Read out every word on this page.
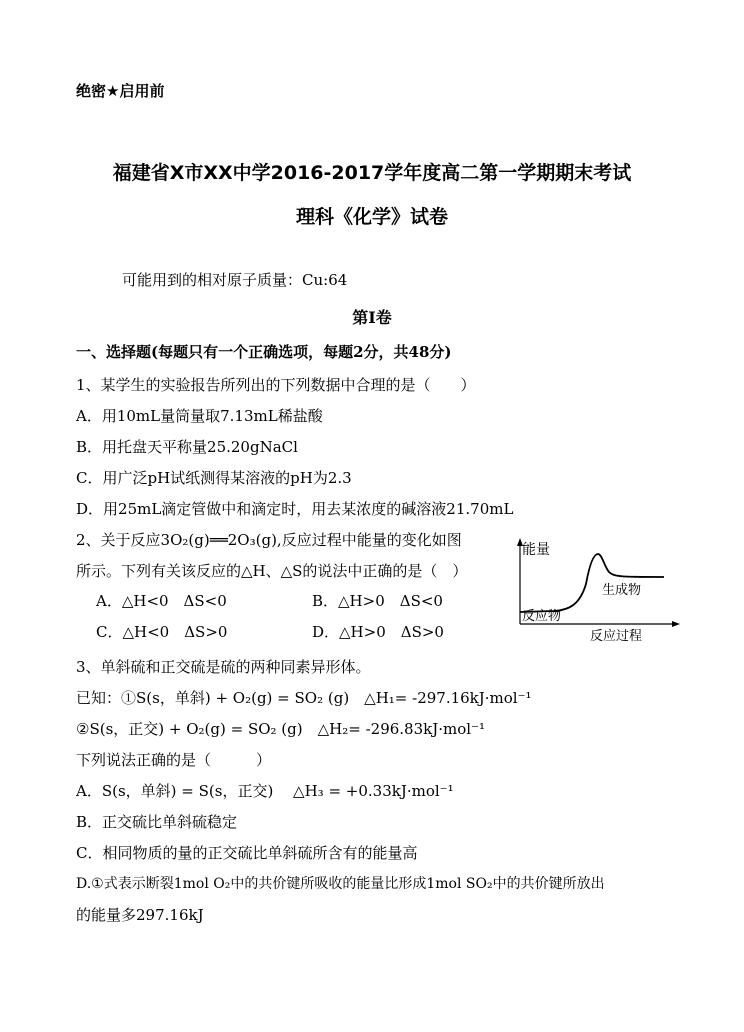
绝密★启用前
福建省X市XX中学2016-2017学年度高二第一学期期末考试
理科《化学》试卷
可能用到的相对原子质量：Cu:64
第I卷
一、选择题(每题只有一个正确选项，每题2分，共48分)
1、某学生的实验报告所列出的下列数据中合理的是（　　）
A．用10mL量筒量取7.13mL稀盐酸
B．用托盘天平称量25.20gNaCl
C．用广泛pH试纸测得某溶液的pH为2.3
D．用25mL滴定管做中和滴定时，用去某浓度的碱溶液21.70mL
2、关于反应3O₂(g)══2O₃(g),反应过程中能量的变化如图
所示。下列有关该反应的△H、△S的说法中正确的是（　）
A．△H<0　ΔS<0	B．△H>0　ΔS<0
C．△H<0　ΔS>0	D．△H>0　ΔS>0
能量
生成物
反应物
反应过程
3、单斜硫和正交硫是硫的两种同素异形体。
已知：①S(s，单斜) + O₂(g) = SO₂ (g)　△H₁= -297.16kJ·mol⁻¹
②S(s，正交) + O₂(g) = SO₂ (g)　△H₂= -296.83kJ·mol⁻¹
下列说法正确的是（　　　）
A．S(s，单斜) = S(s，正交)　 △H₃ = +0.33kJ·mol⁻¹
B．正交硫比单斜硫稳定
C．相同物质的量的正交硫比单斜硫所含有的能量高
D.①式表示断裂1mol O₂中的共价键所吸收的能量比形成1mol SO₂中的共价键所放出
的能量多297.16kJ
